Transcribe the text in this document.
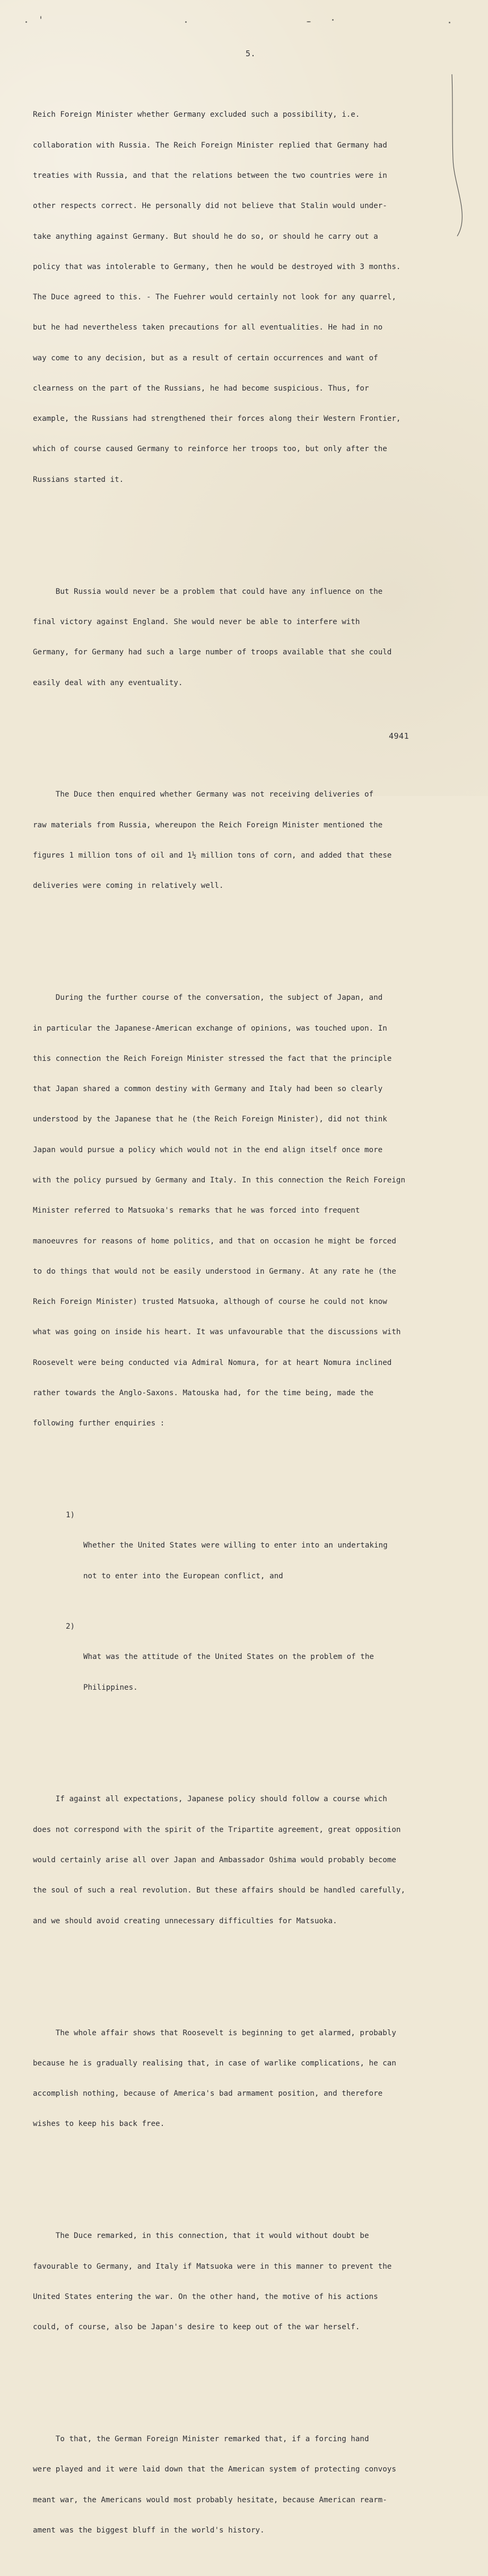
5.

Reich Foreign Minister whether Germany excluded such a possibility, i.e.

collaboration with Russia. The Reich Foreign Minister replied that Germany had

treaties with Russia, and that the relations between the two countries were in

other respects correct. He personally did not believe that Stalin would under-

take anything against Germany. But should he do so, or should he carry out a

policy that was intolerable to Germany, then he would be destroyed with 3 months.

The Duce agreed to this. - The Fuehrer would certainly not look for any quarrel,

but he had nevertheless taken precautions for all eventualities. He had in no

way come to any decision, but as a result of certain occurrences and want of

clearness on the part of the Russians, he had become suspicious. Thus, for

example, the Russians had strengthened their forces along their Western Frontier,

which of course caused Germany to reinforce her troops too, but only after the

Russians started it.

But Russia would never be a problem that could have any influence on the

final victory against England. She would never be able to interfere with

Germany, for Germany had such a large number of troops available that she could

easily deal with any eventuality.

The Duce then enquired whether Germany was not receiving deliveries of

raw materials from Russia, whereupon the Reich Foreign Minister mentioned the

figures 1 million tons of oil and 1½ million tons of corn, and added that these

deliveries were coming in relatively well.

During the further course of the conversation, the subject of Japan, and

in particular the Japanese-American exchange of opinions, was touched upon. In

this connection the Reich Foreign Minister stressed the fact that the principle

that Japan shared a common destiny with Germany and Italy had been so clearly

understood by the Japanese that he (the Reich Foreign Minister), did not think

Japan would pursue a policy which would not in the end align itself once more

with the policy pursued by Germany and Italy. In this connection the Reich Foreign

Minister referred to Matsuoka's remarks that he was forced into frequent

manoeuvres for reasons of home politics, and that on occasion he might be forced

to do things that would not be easily understood in Germany. At any rate he (the

Reich Foreign Minister) trusted Matsuoka, although of course he could not know

what was going on inside his heart. It was unfavourable that the discussions with

Roosevelt were being conducted via Admiral Nomura, for at heart Nomura inclined

rather towards the Anglo-Saxons. Matouska had, for the time being, made the

following further enquiries :

1)

Whether the United States were willing to enter into an undertaking

not to enter into the European conflict, and

2)

What was the attitude of the United States on the problem of the

Philippines.

If against all expectations, Japanese policy should follow a course which

does not correspond with the spirit of the Tripartite agreement, great opposition

would certainly arise all over Japan and Ambassador Oshima would probably become

the soul of such a real revolution. But these affairs should be handled carefully,

and we should avoid creating unnecessary difficulties for Matsuoka.

The whole affair shows that Roosevelt is beginning to get alarmed, probably

because he is gradually realising that, in case of warlike complications, he can

accomplish nothing, because of America's bad armament position, and therefore

wishes to keep his back free.

The Duce remarked, in this connection, that it would without doubt be

favourable to Germany, and Italy if Matsuoka were in this manner to prevent the

United States entering the war. On the other hand, the motive of his actions

could, of course, also be Japan's desire to keep out of the war herself.

To that, the German Foreign Minister remarked that, if a forcing hand

were played and it were laid down that the American system of protecting convoys

meant war, the Americans would most probably hesitate, because American rearm-

ament was the biggest bluff in the world's history.

4941
